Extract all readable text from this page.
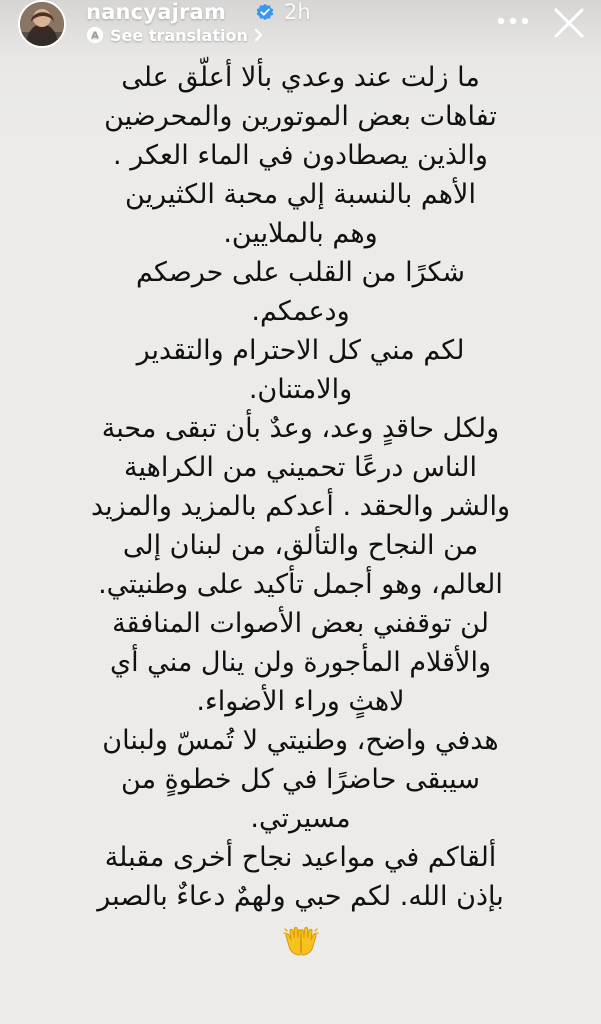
nancyajram	2h
A See translation
ما زلت عند وعدي بألا أعلّق على
تفاهات بعض الموتورين والمحرضين
والذين يصطادون في الماء العكر .
الأهم بالنسبة إلي محبة الكثيرين
وهم بالملايين.
شكرًا من القلب على حرصكم
ودعمكم.
لكم مني كل الاحترام والتقدير
والامتنان.
ولكل حاقدٍ وعد، وعدٌ بأن تبقى محبة
الناس درعًا تحميني من الكراهية
والشر والحقد . أعدكم بالمزيد والمزيد
من النجاح والتألق، من لبنان إلى
العالم، وهو أجمل تأكيد على وطنيتي.
لن توقفني بعض الأصوات المنافقة
والأقلام المأجورة ولن ينال مني أي
لاهثٍ وراء الأضواء.
هدفي واضح، وطنيتي لا تُمسّ ولبنان
سيبقى حاضرًا في كل خطوةٍ من
مسيرتي.
ألقاكم في مواعيد نجاح أخرى مقبلة
بإذن الله. لكم حبي ولهمٌ دعاءٌ بالصبر
